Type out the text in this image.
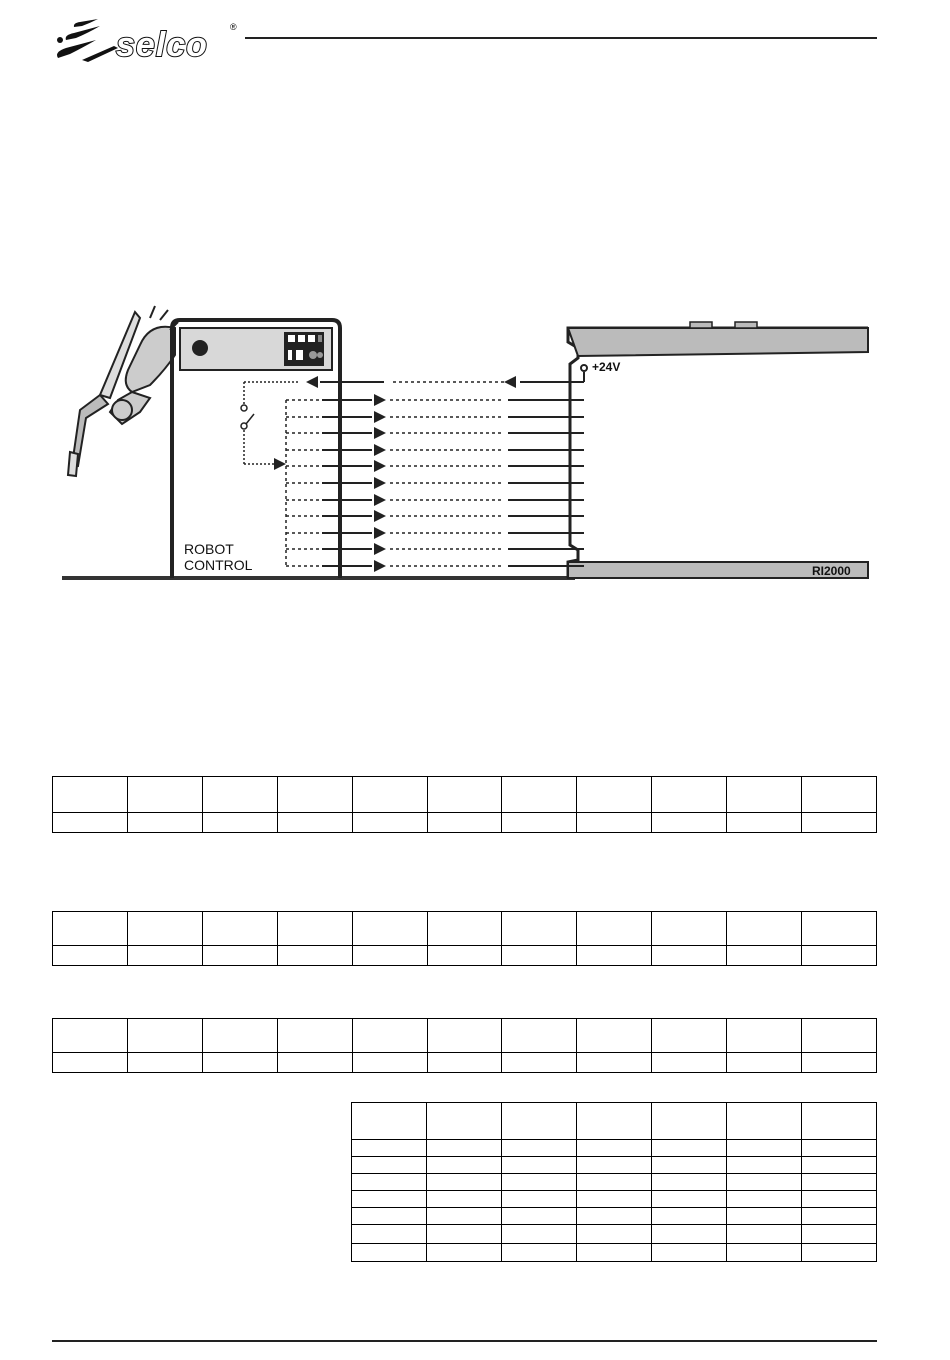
selco ®
ROBOT
CONTROL	RI2000
+24V
